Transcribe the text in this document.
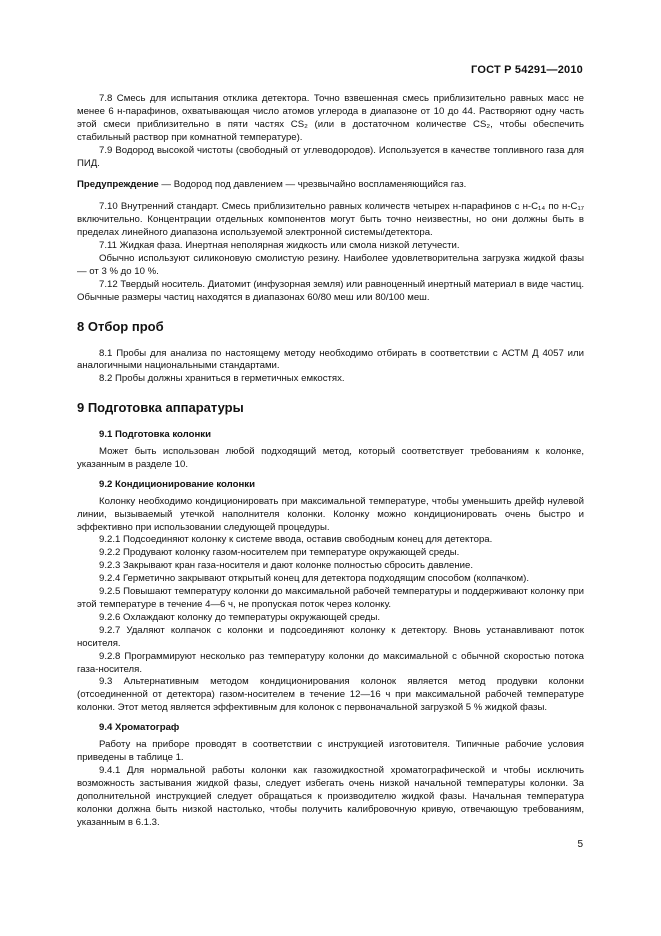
ГОСТ Р 54291—2010

7.8 Смесь для испытания отклика детектора. Точно взвешенная смесь приблизительно равных масс не менее 6 н-парафинов, охватывающая число атомов углерода в диапазоне от 10 до 44. Растворяют одну часть этой смеси приблизительно в пяти частях CS₂ (или в достаточном количестве CS₂, чтобы обеспечить стабильный раствор при комнатной температуре).

7.9 Водород высокой чистоты (свободный от углеводородов). Используется в качестве топливного газа для ПИД.

Предупреждение — Водород под давлением — чрезвычайно воспламеняющийся газ.

7.10 Внутренний стандарт. Смесь приблизительно равных количеств четырех н-парафинов с н-C₁₄ по н-C₁₇ включительно. Концентрации отдельных компонентов могут быть точно неизвестны, но они должны быть в пределах линейного диапазона используемой электронной системы/детектора.

7.11 Жидкая фаза. Инертная неполярная жидкость или смола низкой летучести.

Обычно используют силиконовую смолистую резину. Наиболее удовлетворительна загрузка жидкой фазы — от 3 % до 10 %.

7.12 Твердый носитель. Диатомит (инфузорная земля) или равноценный инертный материал в виде частиц. Обычные размеры частиц находятся в диапазонах 60/80 меш или 80/100 меш.

8 Отбор проб

8.1 Пробы для анализа по настоящему методу необходимо отбирать в соответствии с АСТМ Д 4057 или аналогичными национальными стандартами.

8.2 Пробы должны храниться в герметичных емкостях.

9 Подготовка аппаратуры
9.1 Подготовка колонки

Может быть использован любой подходящий метод, который соответствует требованиям к колонке, указанным в разделе 10.

9.2 Кондиционирование колонки

Колонку необходимо кондиционировать при максимальной температуре, чтобы уменьшить дрейф нулевой линии, вызываемый утечкой наполнителя колонки. Колонку можно кондиционировать очень быстро и эффективно при использовании следующей процедуры.

9.2.1 Подсоединяют колонку к системе ввода, оставив свободным конец для детектора.

9.2.2 Продувают колонку газом-носителем при температуре окружающей среды.

9.2.3 Закрывают кран газа-носителя и дают колонке полностью сбросить давление.

9.2.4 Герметично закрывают открытый конец для детектора подходящим способом (колпачком).

9.2.5 Повышают температуру колонки до максимальной рабочей температуры и поддерживают колонку при этой температуре в течение 4—6 ч, не пропуская поток через колонку.

9.2.6 Охлаждают колонку до температуры окружающей среды.

9.2.7 Удаляют колпачок с колонки и подсоединяют колонку к детектору. Вновь устанавливают поток носителя.

9.2.8 Программируют несколько раз температуру колонки до максимальной с обычной скоростью потока газа-носителя.

9.3 Альтернативным методом кондиционирования колонок является метод продувки колонки (отсоединенной от детектора) газом-носителем в течение 12—16 ч при максимальной рабочей температуре колонки. Этот метод является эффективным для колонок с первоначальной загрузкой 5 % жидкой фазы.

9.4 Хроматограф

Работу на приборе проводят в соответствии с инструкцией изготовителя. Типичные рабочие условия приведены в таблице 1.

9.4.1 Для нормальной работы колонки как газожидкостной хроматографической и чтобы исключить возможность застывания жидкой фазы, следует избегать очень низкой начальной температуры колонки. За дополнительной инструкцией следует обращаться к производителю жидкой фазы. Начальная температура колонки должна быть низкой настолько, чтобы получить калибровочную кривую, отвечающую требованиям, указанным в 6.1.3.

5
